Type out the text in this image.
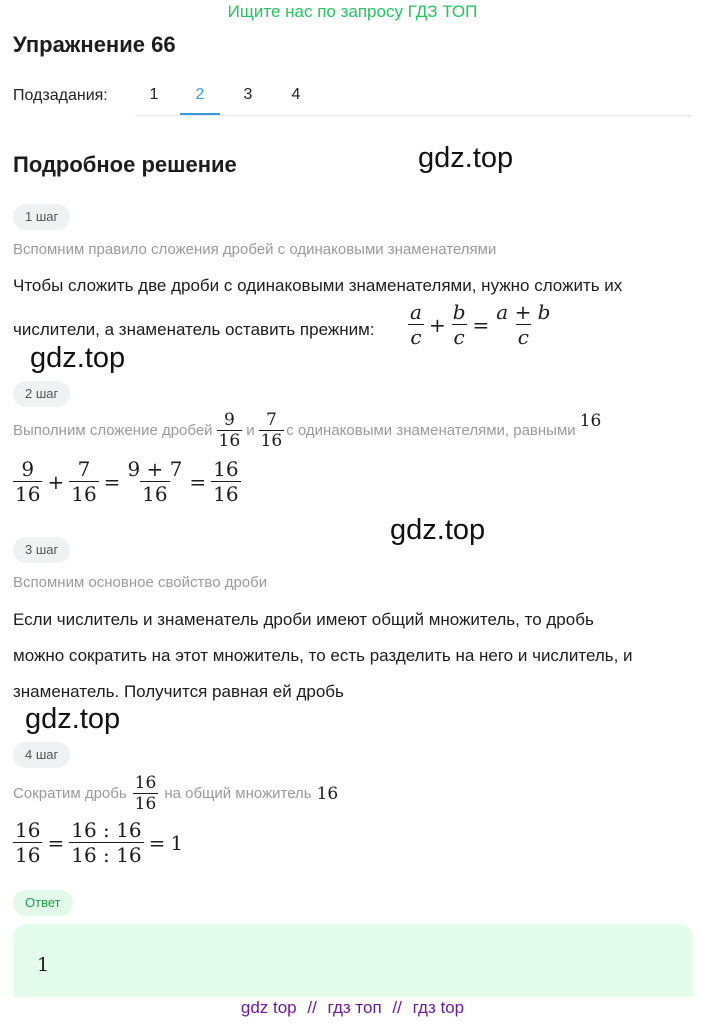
Ищите нас по запросу ГДЗ ТОП
Упражнение 66
Подзадания:	1	2	3	4
Подробное решение	gdz.top
1 шаг
Вспомним правило сложения дробей с одинаковыми знаменателями
Чтобы сложить две дроби с одинаковыми знаменателями, нужно сложить их
числители, а знаменатель оставить прежним: $\frac{a}{c} + \frac{b}{c} = \frac{a + b}{c}$
gdz.top
2 шаг
Выполним сложение дробей $\frac{9}{16}$ и $\frac{7}{16}$ с одинаковыми знаменателями, равными 16
$\frac{9}{16} + \frac{7}{16} = \frac{9 + 7}{16} = \frac{16}{16}$
gdz.top
3 шаг
Вспомним основное свойство дроби
Если числитель и знаменатель дроби имеют общий множитель, то дробь
можно сократить на этот множитель, то есть разделить на него и числитель, и
знаменатель. Получится равная ей дробь
gdz.top
4 шаг
Сократим дробь $\frac{16}{16}$ на общий множитель 16
$\frac{16}{16} = \frac{16 : 16}{16 : 16} = 1$
Ответ
1
gdz top // гдз топ // гдз top
